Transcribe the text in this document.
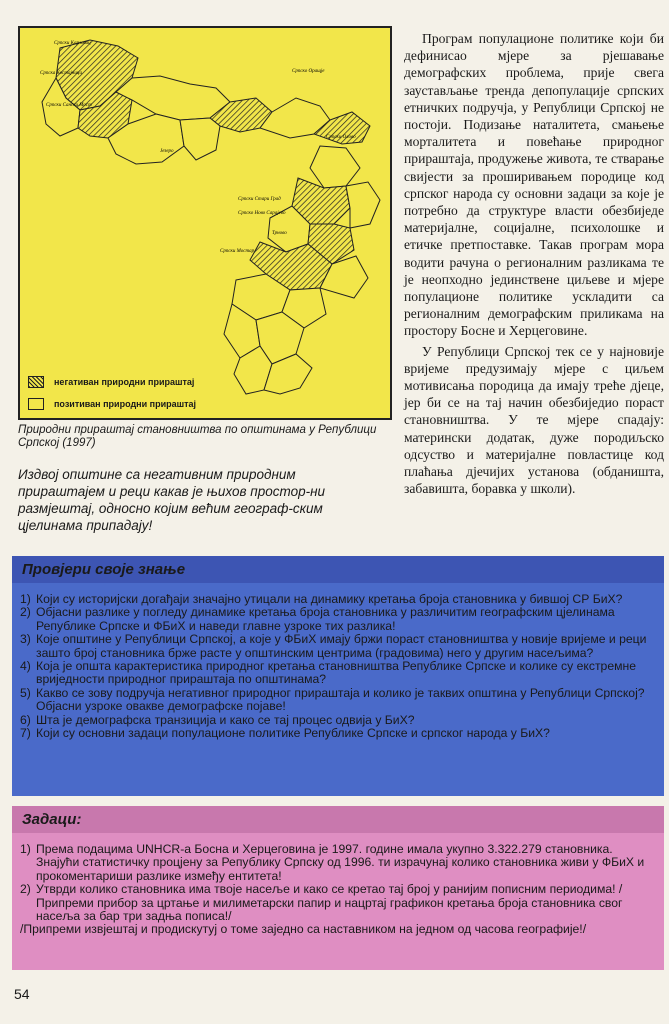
Српски Карловац
Српска Костајница
Српски Сански Мост
Језеро
Српско Оращје
Српски Олово
Српски Стари Град
Српско Ново Сарајево
Српски Мостар
Трново
негативан природни прираштај
позитиван природни прираштај
Природни прираштај становништва по општинама у Републици Српској (1997)
Издвој општине са негативним природним прираштајем и реци какав је њихов простор-ни размјештај, односно којим већим географ-ским цјелинама припадају!

Програм популационе политике који би дефинисао мјере за рјешавање демографских проблема, прије свега заустављање тренда депопулације српских етничких подручја, у Републици Српској не постоји. Подизање наталитета, смањење морталитета и повећање природног прираштаја, продужење живота, те стварање свијести за проширивањем породице код српског народа су основни задаци за које је потребно да структуре власти обезбиједе материјалне, социјалне, психолошке и етичке претпоставке. Такав програм мора водити рачуна о регионалним разликама те је неопходно јединствене циљеве и мјере популационе политике ускладити са регионалним демографским приликама на простору Босне и Херцеговине.

У Републици Српској тек се у најновије вријеме предузимају мјере с циљем мотивисања породица да имају треће дјеце, јер би се на тај начин обезбиједио пораст становништва. У те мјере спадају: матерински додатак, дуже породиљско одсуство и материјалне повластице код плаћања дјечијих установа (обданишта, забавишта, боравка у школи).

Провјери своје знање
1) Који су историјски догађаји значајно утицали на динамику кретања броја становника у бившој СР БиХ?
2) Објасни разлике у погледу динамике кретања броја становника у различитим географским цјелинама Републике Српске и ФБиХ и наведи главне узроке тих разлика!
3) Које општине у Републици Српској, а које у ФБиХ имају бржи пораст становништва у новије вријеме и реци зашто број становника брже расте у општинским центрима (градовима) него у другим насељима?
4) Која је општа карактеристика природног кретања становништва Републике Српске и колике су екстремне вриједности природног прираштаја по општинама?
5) Какво се зову подручја негативног природног прираштаја и колико је таквих општина у Републици Српској? Објасни узроке овакве демографске појаве!
6) Шта је демографска транзиција и како се тај процес одвија у БиХ?
7) Који су основни задаци популационе политике Републике Српске и српског народа у БиХ?
Задаци:
1) Према подацима UNHCR-а Босна и Херцеговина је 1997. године имала укупно 3.322.279 становника. Знајући статистичку процјену за Републику Српску од 1996. ти израчунај колико становника живи у ФБиХ и прокоментариши разлике између ентитета!
2) Утврди колико становника има твоје насеље и како се кретао тај број у ранијим пописним периодима! /Припреми прибор за цртање и милиметарски папир и нацртај графикон кретања броја становника свог насеља за бар три задња пописа!/
/Припреми извјештај и продискутуј о томе заједно са наставником на једном од часова географије!/
54
